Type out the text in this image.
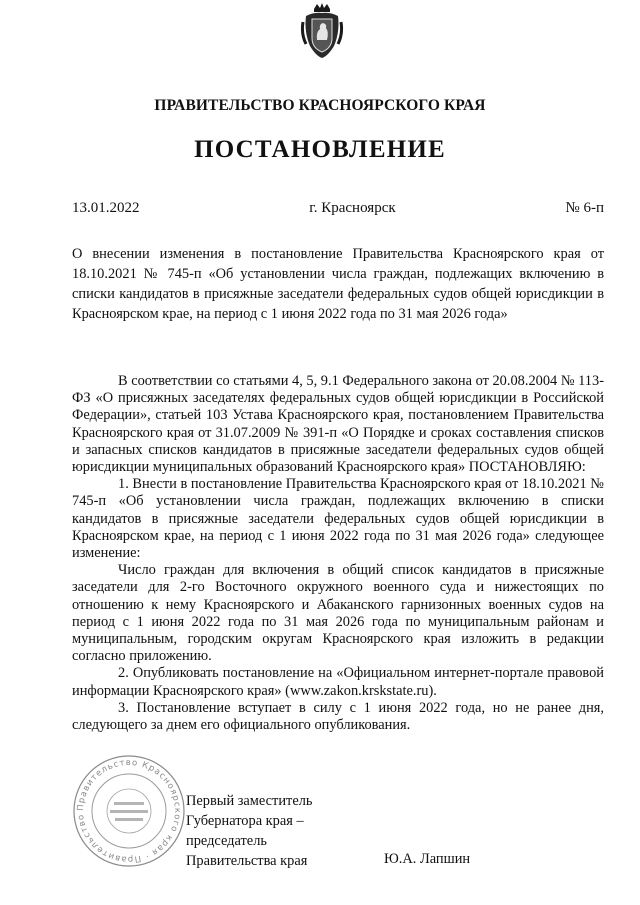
ПРАВИТЕЛЬСТВО КРАСНОЯРСКОГО КРАЯ
ПОСТАНОВЛЕНИЕ
13.01.2022	г. Красноярск	№ 6-п

О внесении изменения в постановление Правительства Красноярского края от 18.10.2021 № 745-п «Об установлении числа граждан, подлежащих включению в списки кандидатов в присяжные заседатели федеральных судов общей юрисдикции в Красноярском крае, на период с 1 июня 2022 года по 31 мая 2026 года»

В соответствии со статьями 4, 5, 9.1 Федерального закона от 20.08.2004 № 113-ФЗ «О присяжных заседателях федеральных судов общей юрисдикции в Российской Федерации», статьей 103 Устава Красноярского края, постановлением Правительства Красноярского края от 31.07.2009 № 391-п «О Порядке и сроках составления списков и запасных списков кандидатов в присяжные заседатели федеральных судов общей юрисдикции муниципальных образований Красноярского края» ПОСТАНОВЛЯЮ:

1. Внести в постановление Правительства Красноярского края от 18.10.2021 № 745-п «Об установлении числа граждан, подлежащих включению в списки кандидатов в присяжные заседатели федеральных судов общей юрисдикции в Красноярском крае, на период с 1 июня 2022 года по 31 мая 2026 года» следующее изменение:

Число граждан для включения в общий список кандидатов в присяжные заседатели для 2-го Восточного окружного военного суда и нижестоящих по отношению к нему Красноярского и Абаканского гарнизонных военных судов на период с 1 июня 2022 года по 31 мая 2026 года по муниципальным районам и муниципальным, городским округам Красноярского края изложить в редакции согласно приложению.

2. Опубликовать постановление на «Официальном интернет-портале правовой информации Красноярского края» (www.zakon.krskstate.ru).

3. Постановление вступает в силу с 1 июня 2022 года, но не ранее дня, следующего за днем его официального опубликования.

Правительство Красноярского края · Правительство
Первый заместитель
Губернатора края –
председатель
Правительства края	Ю.А. Лапшин
